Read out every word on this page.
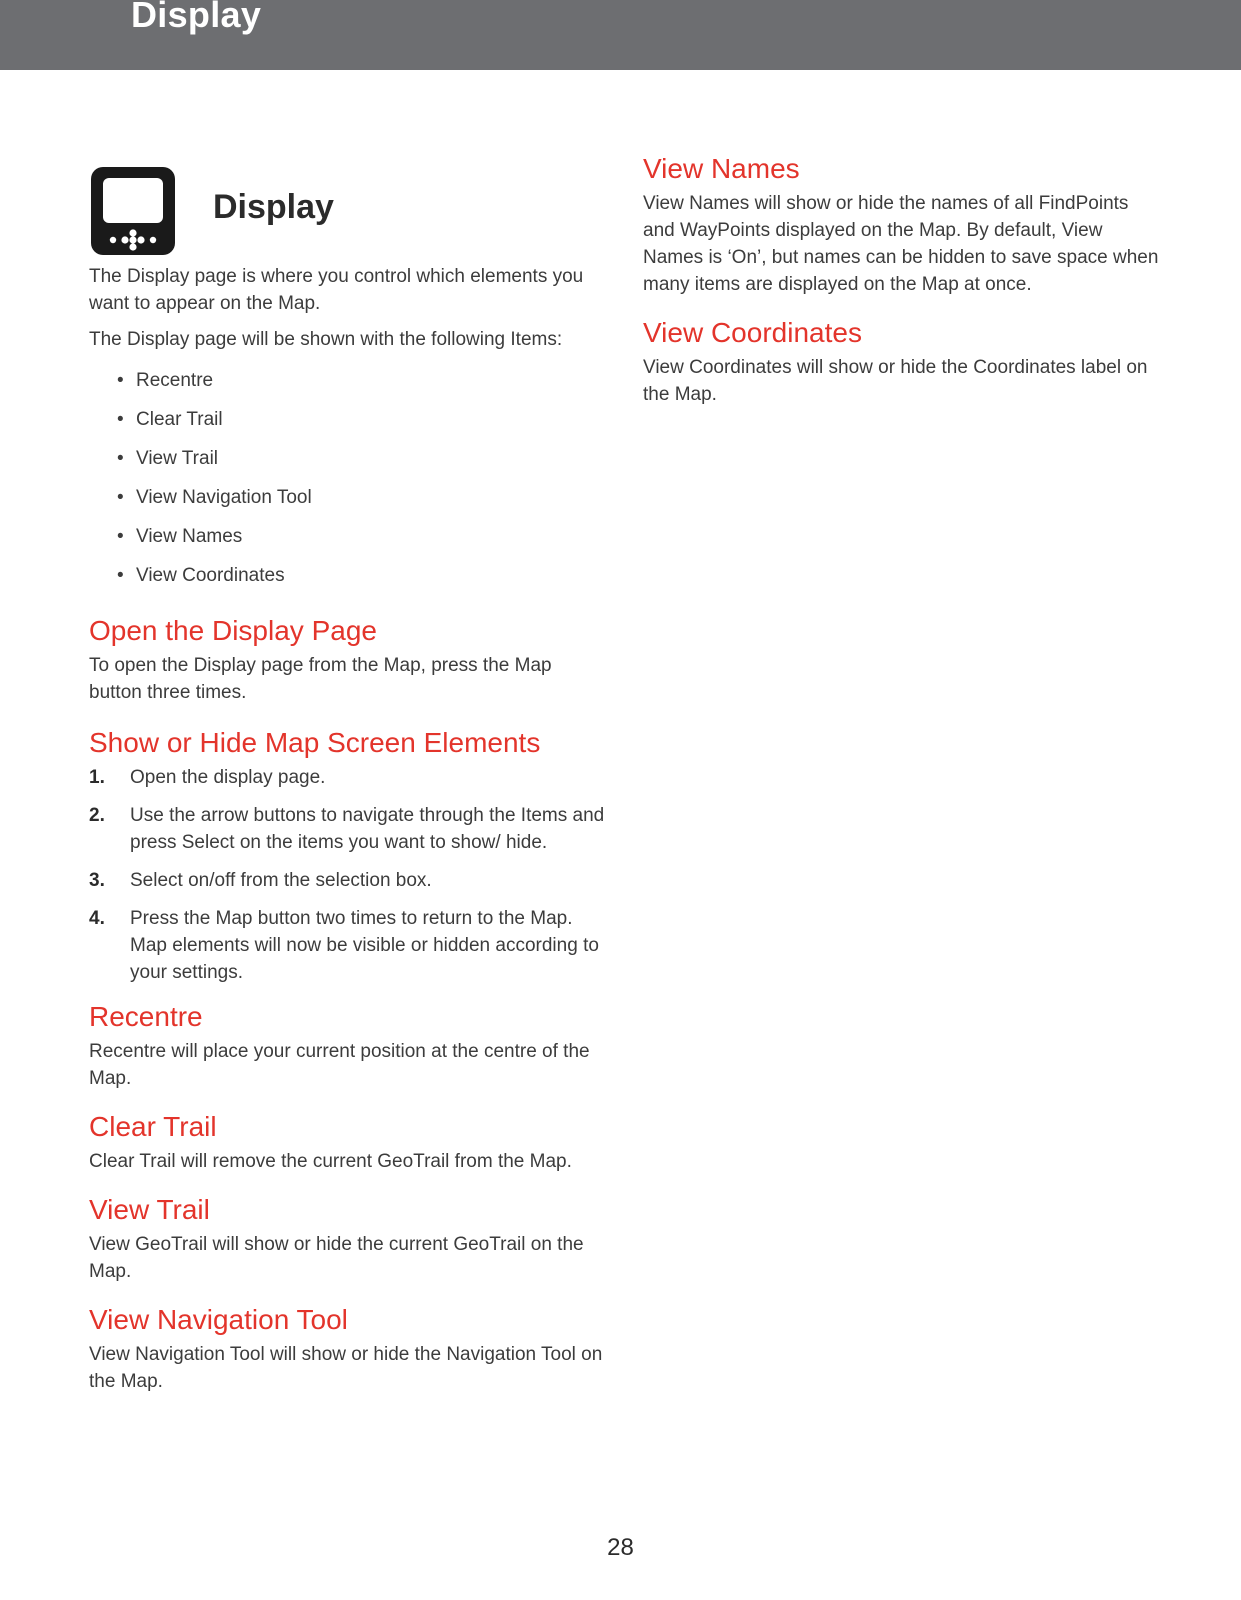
Display
Display

The Display page is where you control which elements you want to appear on the Map.

The Display page will be shown with the following Items:

• Recentre
• Clear Trail
• View Trail
• View Navigation Tool
• View Names
• View Coordinates
Open the Display Page

To open the Display page from the Map, press the Map button three times.

Show or Hide Map Screen Elements
1.	Open the display page.
2.	Use the arrow buttons to navigate through the Items and press Select on the items you want to show/ hide.
3.	Select on/off from the selection box.
4.	Press the Map button two times to return to the Map. Map elements will now be visible or hidden according to your settings.
Recentre

Recentre will place your current position at the centre of the Map.

Clear Trail

Clear Trail will remove the current GeoTrail from the Map.

View Trail

View GeoTrail will show or hide the current GeoTrail on the Map.

View Navigation Tool

View Navigation Tool will show or hide the Navigation Tool on the Map.

View Names

View Names will show or hide the names of all FindPoints and WayPoints displayed on the Map. By default, View Names is ‘On’, but names can be hidden to save space when many items are displayed on the Map at once.

View Coordinates

View Coordinates will show or hide the Coordinates label on the Map.

28
